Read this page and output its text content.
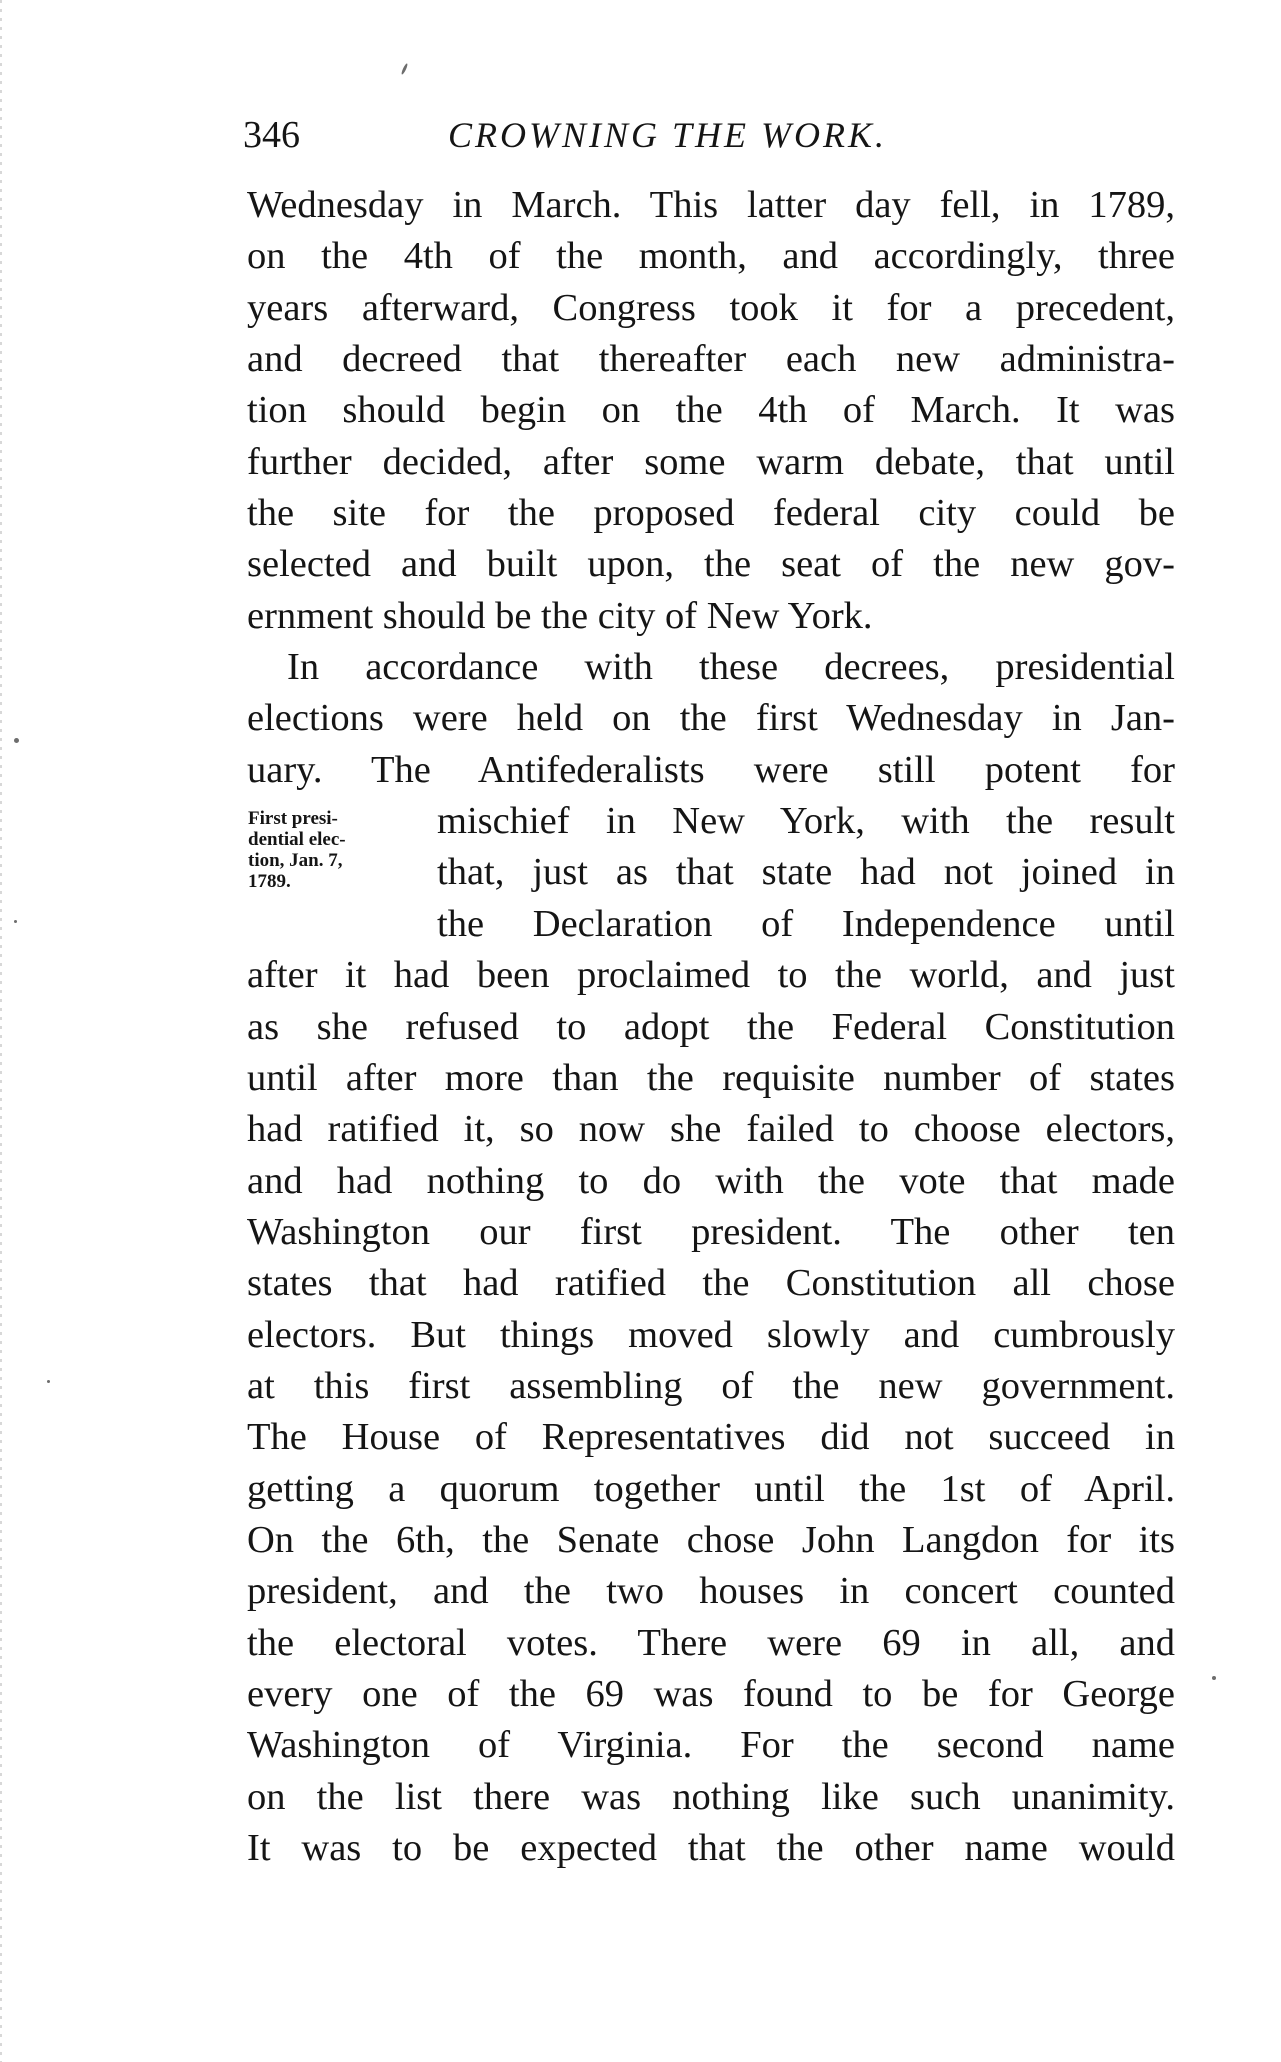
346	CROWNING THE WORK.
First presi-
dential elec-
tion, Jan. 7,
1789.
Wednesday in March. This latter day fell, in 1789,
on the 4th of the month, and accordingly, three
years afterward, Congress took it for a precedent,
and decreed that thereafter each new administra-
tion should begin on the 4th of March. It was
further decided, after some warm debate, that until
the site for the proposed federal city could be
selected and built upon, the seat of the new gov-
ernment should be the city of New York.
In accordance with these decrees, presidential
elections were held on the first Wednesday in Jan-
uary. The Antifederalists were still potent for
mischief in New York, with the result
that, just as that state had not joined in
the Declaration of Independence until
after it had been proclaimed to the world, and just
as she refused to adopt the Federal Constitution
until after more than the requisite number of states
had ratified it, so now she failed to choose electors,
and had nothing to do with the vote that made
Washington our first president. The other ten
states that had ratified the Constitution all chose
electors. But things moved slowly and cumbrously
at this first assembling of the new government.
The House of Representatives did not succeed in
getting a quorum together until the 1st of April.
On the 6th, the Senate chose John Langdon for its
president, and the two houses in concert counted
the electoral votes. There were 69 in all, and
every one of the 69 was found to be for George
Washington of Virginia. For the second name
on the list there was nothing like such unanimity.
It was to be expected that the other name would
